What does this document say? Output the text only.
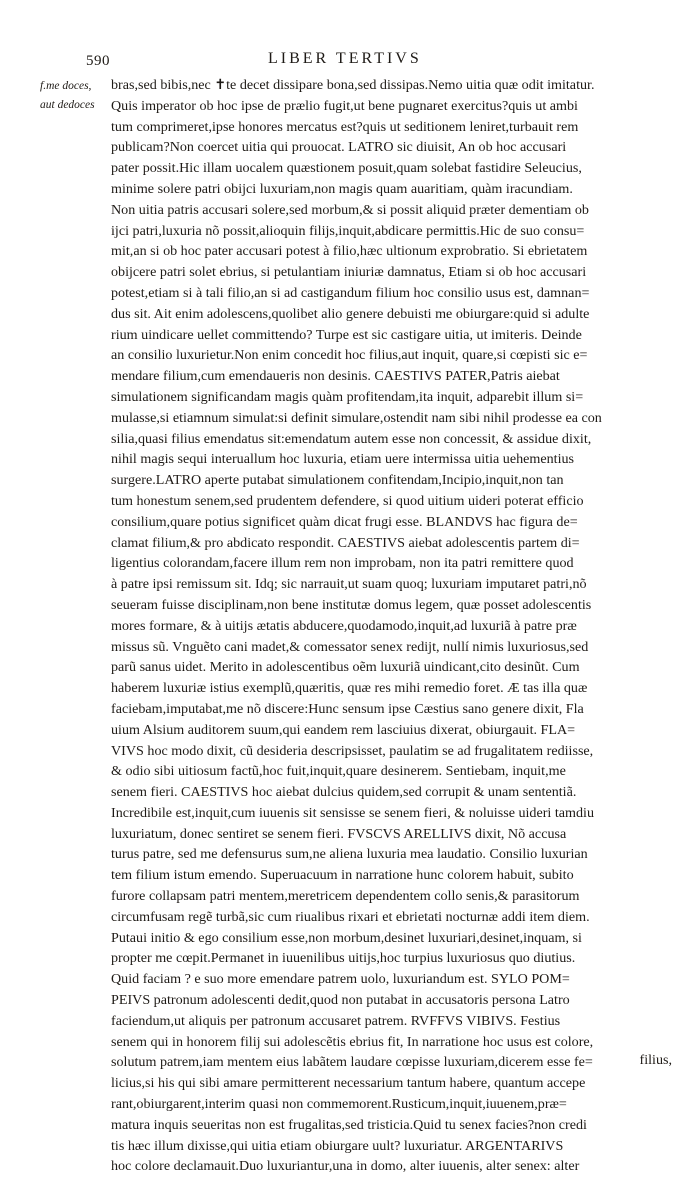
590	LIBER TERTIVS
f.me doces,
aut dedoces
bras,sed bibis,nec ✝te decet dissipare bona,sed dissipas.Nemo uitia quæ odit imitatur.
Quis imperator ob hoc ipse de prælio fugit,ut bene pugnaret exercitus?quis ut ambi
tum comprimeret,ipse honores mercatus est?quis ut seditionem leniret,turbauit rem
publicam?Non coercet uitia qui prouocat. LATRO sic diuisit, An ob hoc accusari
pater possit.Hic illam uocalem quæstionem posuit,quam solebat fastidire Seleucius,
minime solere patri obijci luxuriam,non magis quam auaritiam, quàm iracundiam.
Non uitia patris accusari solere,sed morbum,& si possit aliquid præter dementiam ob
ijci patri,luxuria nõ possit,alioquin filijs,inquit,abdicare permittis.Hic de suo consu=
mit,an si ob hoc pater accusari potest à filio,hæc ultionum exprobratio. Si ebrietatem
obijcere patri solet ebrius, si petulantiam iniuriæ damnatus, Etiam si ob hoc accusari
potest,etiam si à tali filio,an si ad castigandum filium hoc consilio usus est, damnan=
dus sit. Ait enim adolescens,quolibet alio genere debuisti me obiurgare:quid si adulte
rium uindicare uellet committendo? Turpe est sic castigare uitia, ut imiteris. Deinde
an consilio luxurietur.Non enim concedit hoc filius,aut inquit, quare,si cœpisti sic e=
mendare filium,cum emendaueris non desinis. CAESTIVS PATER,Patris aiebat
simulationem significandam magis quàm profitendam,ita inquit, adparebit illum si=
mulasse,si etiamnum simulat:si definit simulare,ostendit nam sibi nihil prodesse ea con
silia,quasi filius emendatus sit:emendatum autem esse non concessit, & assidue dixit,
nihil magis sequi interuallum hoc luxuria, etiam uere intermissa uitia uehementius
surgere.LATRO aperte putabat simulationem confitendam,Incipio,inquit,non tan
tum honestum senem,sed prudentem defendere, si quod uitium uideri poterat efficio
consilium,quare potius significet quàm dicat frugi esse. BLANDVS hac figura de=
clamat filium,& pro abdicato respondit. CAESTIVS aiebat adolescentis partem di=
ligentius colorandam,facere illum rem non improbam, non ita patri remittere quod
à patre ipsi remissum sit. Idq; sic narrauit,ut suam quoq; luxuriam imputaret patri,nõ
seueram fuisse disciplinam,non bene institutæ domus legem, quæ posset adolescentis
mores formare, & à uitijs ætatis abducere,quodamodo,inquit,ad luxuriã à patre præ
missus sũ. Vnguẽto cani madet,& comessator senex redijt, nullí nimis luxuriosus,sed
parũ sanus uidet. Merito in adolescentibus oẽm luxuriã uindicant,cito desinũt. Cum
haberem luxuriæ istius exemplũ,quæritis, quæ res mihi remedio foret. Æ tas illa quæ
faciebam,imputabat,me nõ discere:Hunc sensum ipse Cæstius sano genere dixit, Fla
uium Alsium auditorem suum,qui eandem rem lasciuius dixerat, obiurgauit. FLA=
VIVS hoc modo dixit, cũ desideria descripsisset, paulatim se ad frugalitatem rediisse,
& odio sibi uitiosum factũ,hoc fuit,inquit,quare desinerem. Sentiebam, inquit,me
senem fieri. CAESTIVS hoc aiebat dulcius quidem,sed corrupit & unam sententiã.
Incredibile est,inquit,cum iuuenis sit sensisse se senem fieri, & noluisse uideri tamdiu
luxuriatum, donec sentiret se senem fieri. FVSCVS ARELLIVS dixit, Nõ accusa
turus patre, sed me defensurus sum,ne aliena luxuria mea laudatio. Consilio luxurian
tem filium istum emendo. Superuacuum in narratione hunc colorem habuit, subito
furore collapsam patri mentem,meretricem dependentem collo senis,& parasitorum
circumfusam regẽ turbã,sic cum riualibus rixari et ebrietati nocturnæ addi item diem.
Putaui initio & ego consilium esse,non morbum,desinet luxuriari,desinet,inquam, si
propter me cœpit.Permanet in iuuenilibus uitijs,hoc turpius luxuriosus quo diutius.
Quid faciam ? e suo more emendare patrem uolo, luxuriandum est. SYLO POM=
PEIVS patronum adolescenti dedit,quod non putabat in accusatoris persona Latro
faciendum,ut aliquis per patronum accusaret patrem. RVFFVS VIBIVS. Festius
senem qui in honorem filij sui adolescẽtis ebrius fit, In narratione hoc usus est colore,
solutum patrem,iam mentem eius labãtem laudare cœpisse luxuriam,dicerem esse fe=
licius,si his qui sibi amare permitterent necessarium tantum habere, quantum accepe
rant,obiurgarent,interim quasi non commemorent.Rusticum,inquit,iuuenem,præ=
matura inquis seueritas non est frugalitas,sed tristicia.Quid tu senex facies?non credi
tis hæc illum dixisse,qui uitia etiam obiurgare uult? luxuriatur. ARGENTARIVS
hoc colore declamauit.Duo luxuriantur,una in domo, alter iuuenis, alter senex: alter
filius,
